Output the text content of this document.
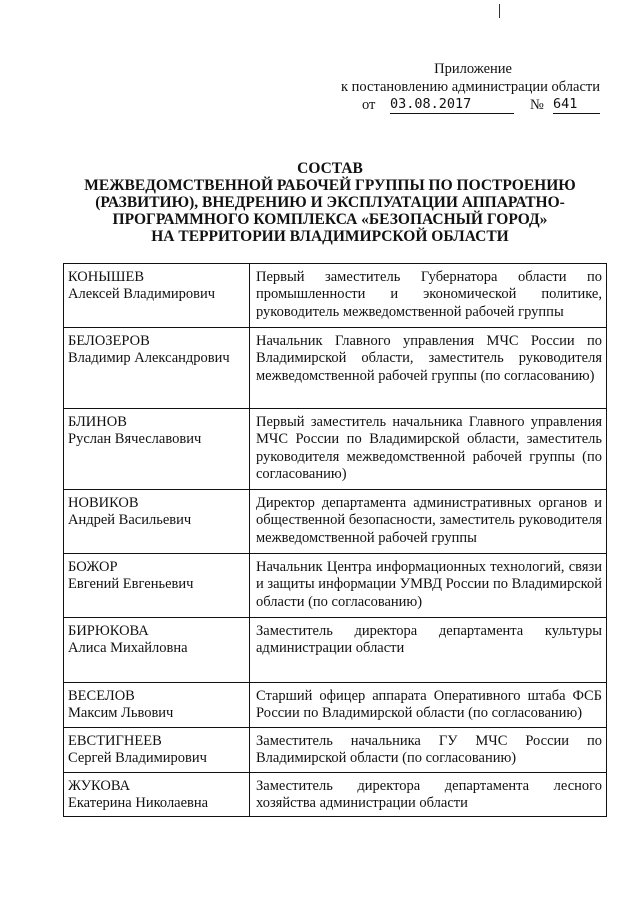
Приложение
к постановлению администрации области
от 03.08.2017	№ 641
СОСТАВ
МЕЖВЕДОМСТВЕННОЙ РАБОЧЕЙ ГРУППЫ ПО ПОСТРОЕНИЮ
(РАЗВИТИЮ), ВНЕДРЕНИЮ И ЭКСПЛУАТАЦИИ АППАРАТНО-
ПРОГРАММНОГО КОМПЛЕКСА «БЕЗОПАСНЫЙ ГОРОД»
НА ТЕРРИТОРИИ ВЛАДИМИРСКОЙ ОБЛАСТИ
КОНЫШЕВ
Алексей Владимирович	Первый заместитель Губернатора области по промышленности и экономической политике, руководитель межведомственной рабочей группы

БЕЛОЗЕРОВ
Владимир Александрович	Начальник Главного управления МЧС России по Владимирской области, заместитель руководителя межведомственной рабочей группы (по согласованию)

БЛИНОВ
Руслан Вячеславович	Первый заместитель начальника Главного управления МЧС России по Владимирской области, заместитель руководителя межведомственной рабочей группы (по согласованию)

НОВИКОВ
Андрей Васильевич	Директор департамента административных органов и общественной безопасности, заместитель руководителя межведомственной рабочей группы

БОЖОР
Евгений Евгеньевич	Начальник Центра информационных технологий, связи и защиты информации УМВД России по Владимирской области (по согласованию)

БИРЮКОВА
Алиса Михайловна	Заместитель директора департамента культуры администрации области

ВЕСЕЛОВ
Максим Львович	Старший офицер аппарата Оперативного штаба ФСБ России по Владимирской области (по согласованию)

ЕВСТИГНЕЕВ
Сергей Владимирович	Заместитель начальника ГУ МЧС России по Владимирской области (по согласованию)

ЖУКОВА
Екатерина Николаевна	Заместитель директора департамента лесного хозяйства администрации области
